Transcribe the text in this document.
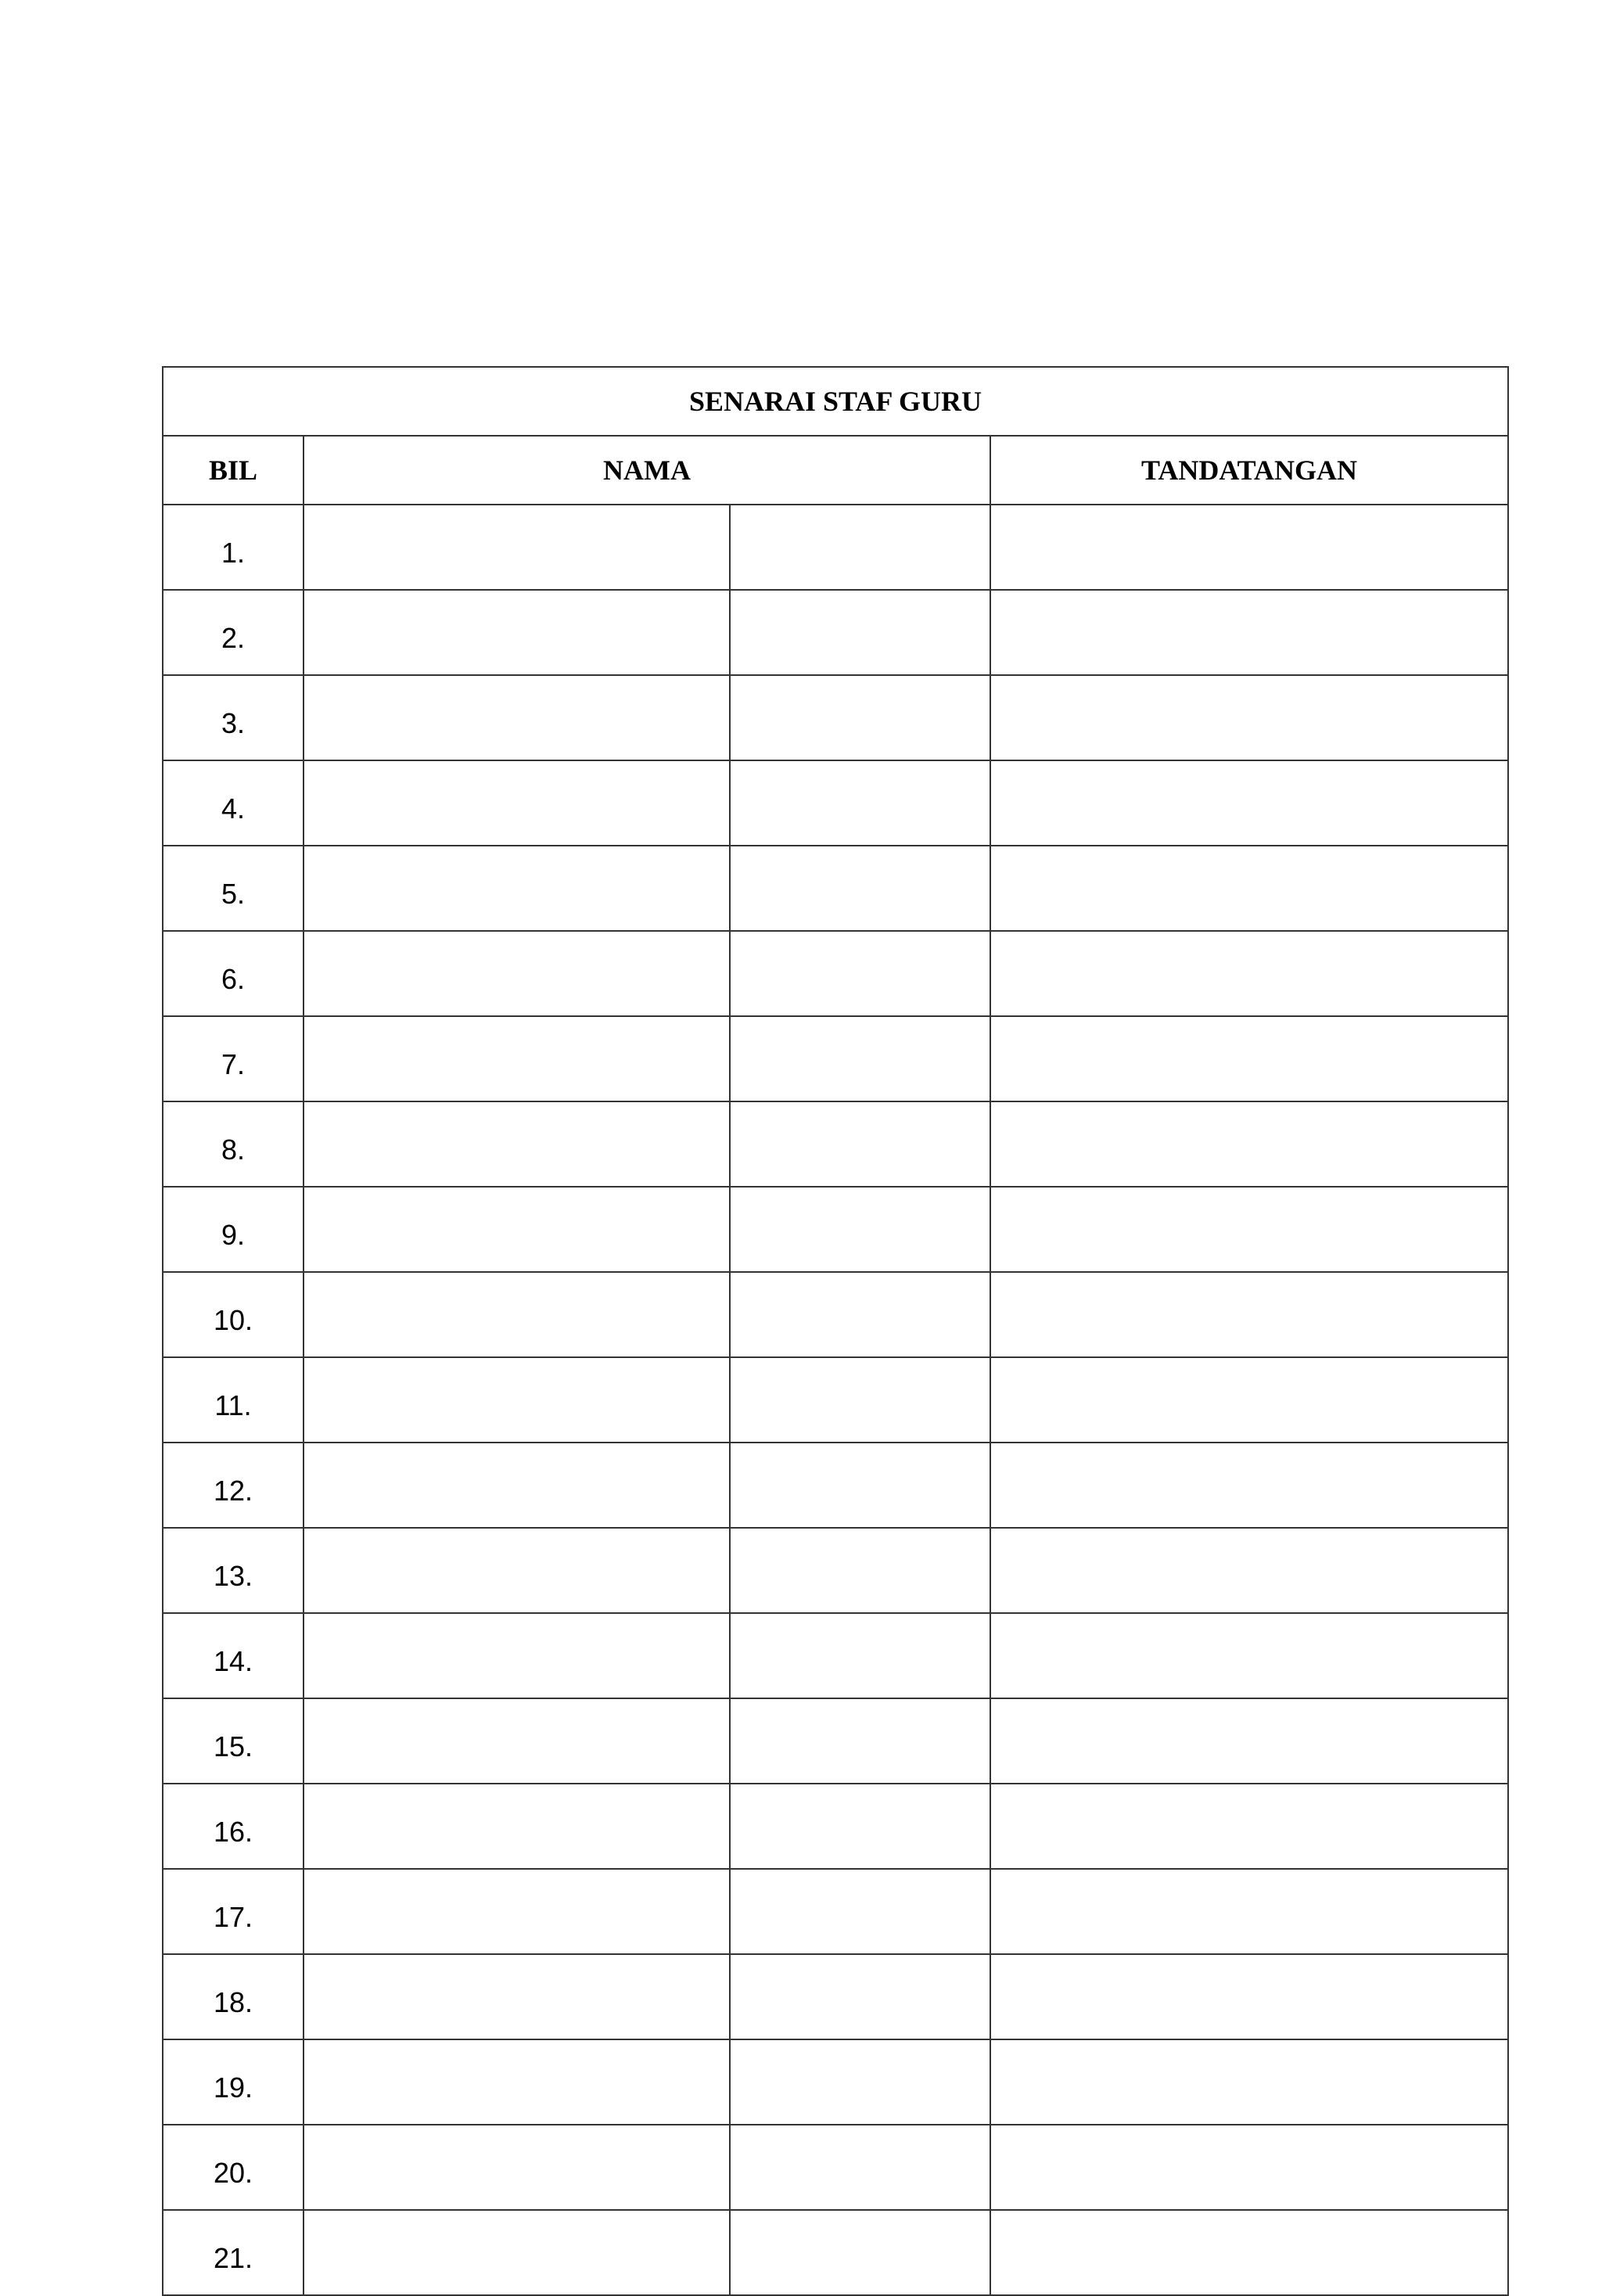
SENARAI STAF GURU			
BIL	NAMA		TANDATANGAN
1.			
2.			
3.			
4.			
5.			
6.			
7.			
8.			
9.			
10.			
11.			
12.			
13.			
14.			
15.			
16.			
17.			
18.			
19.			
20.			
21.			
